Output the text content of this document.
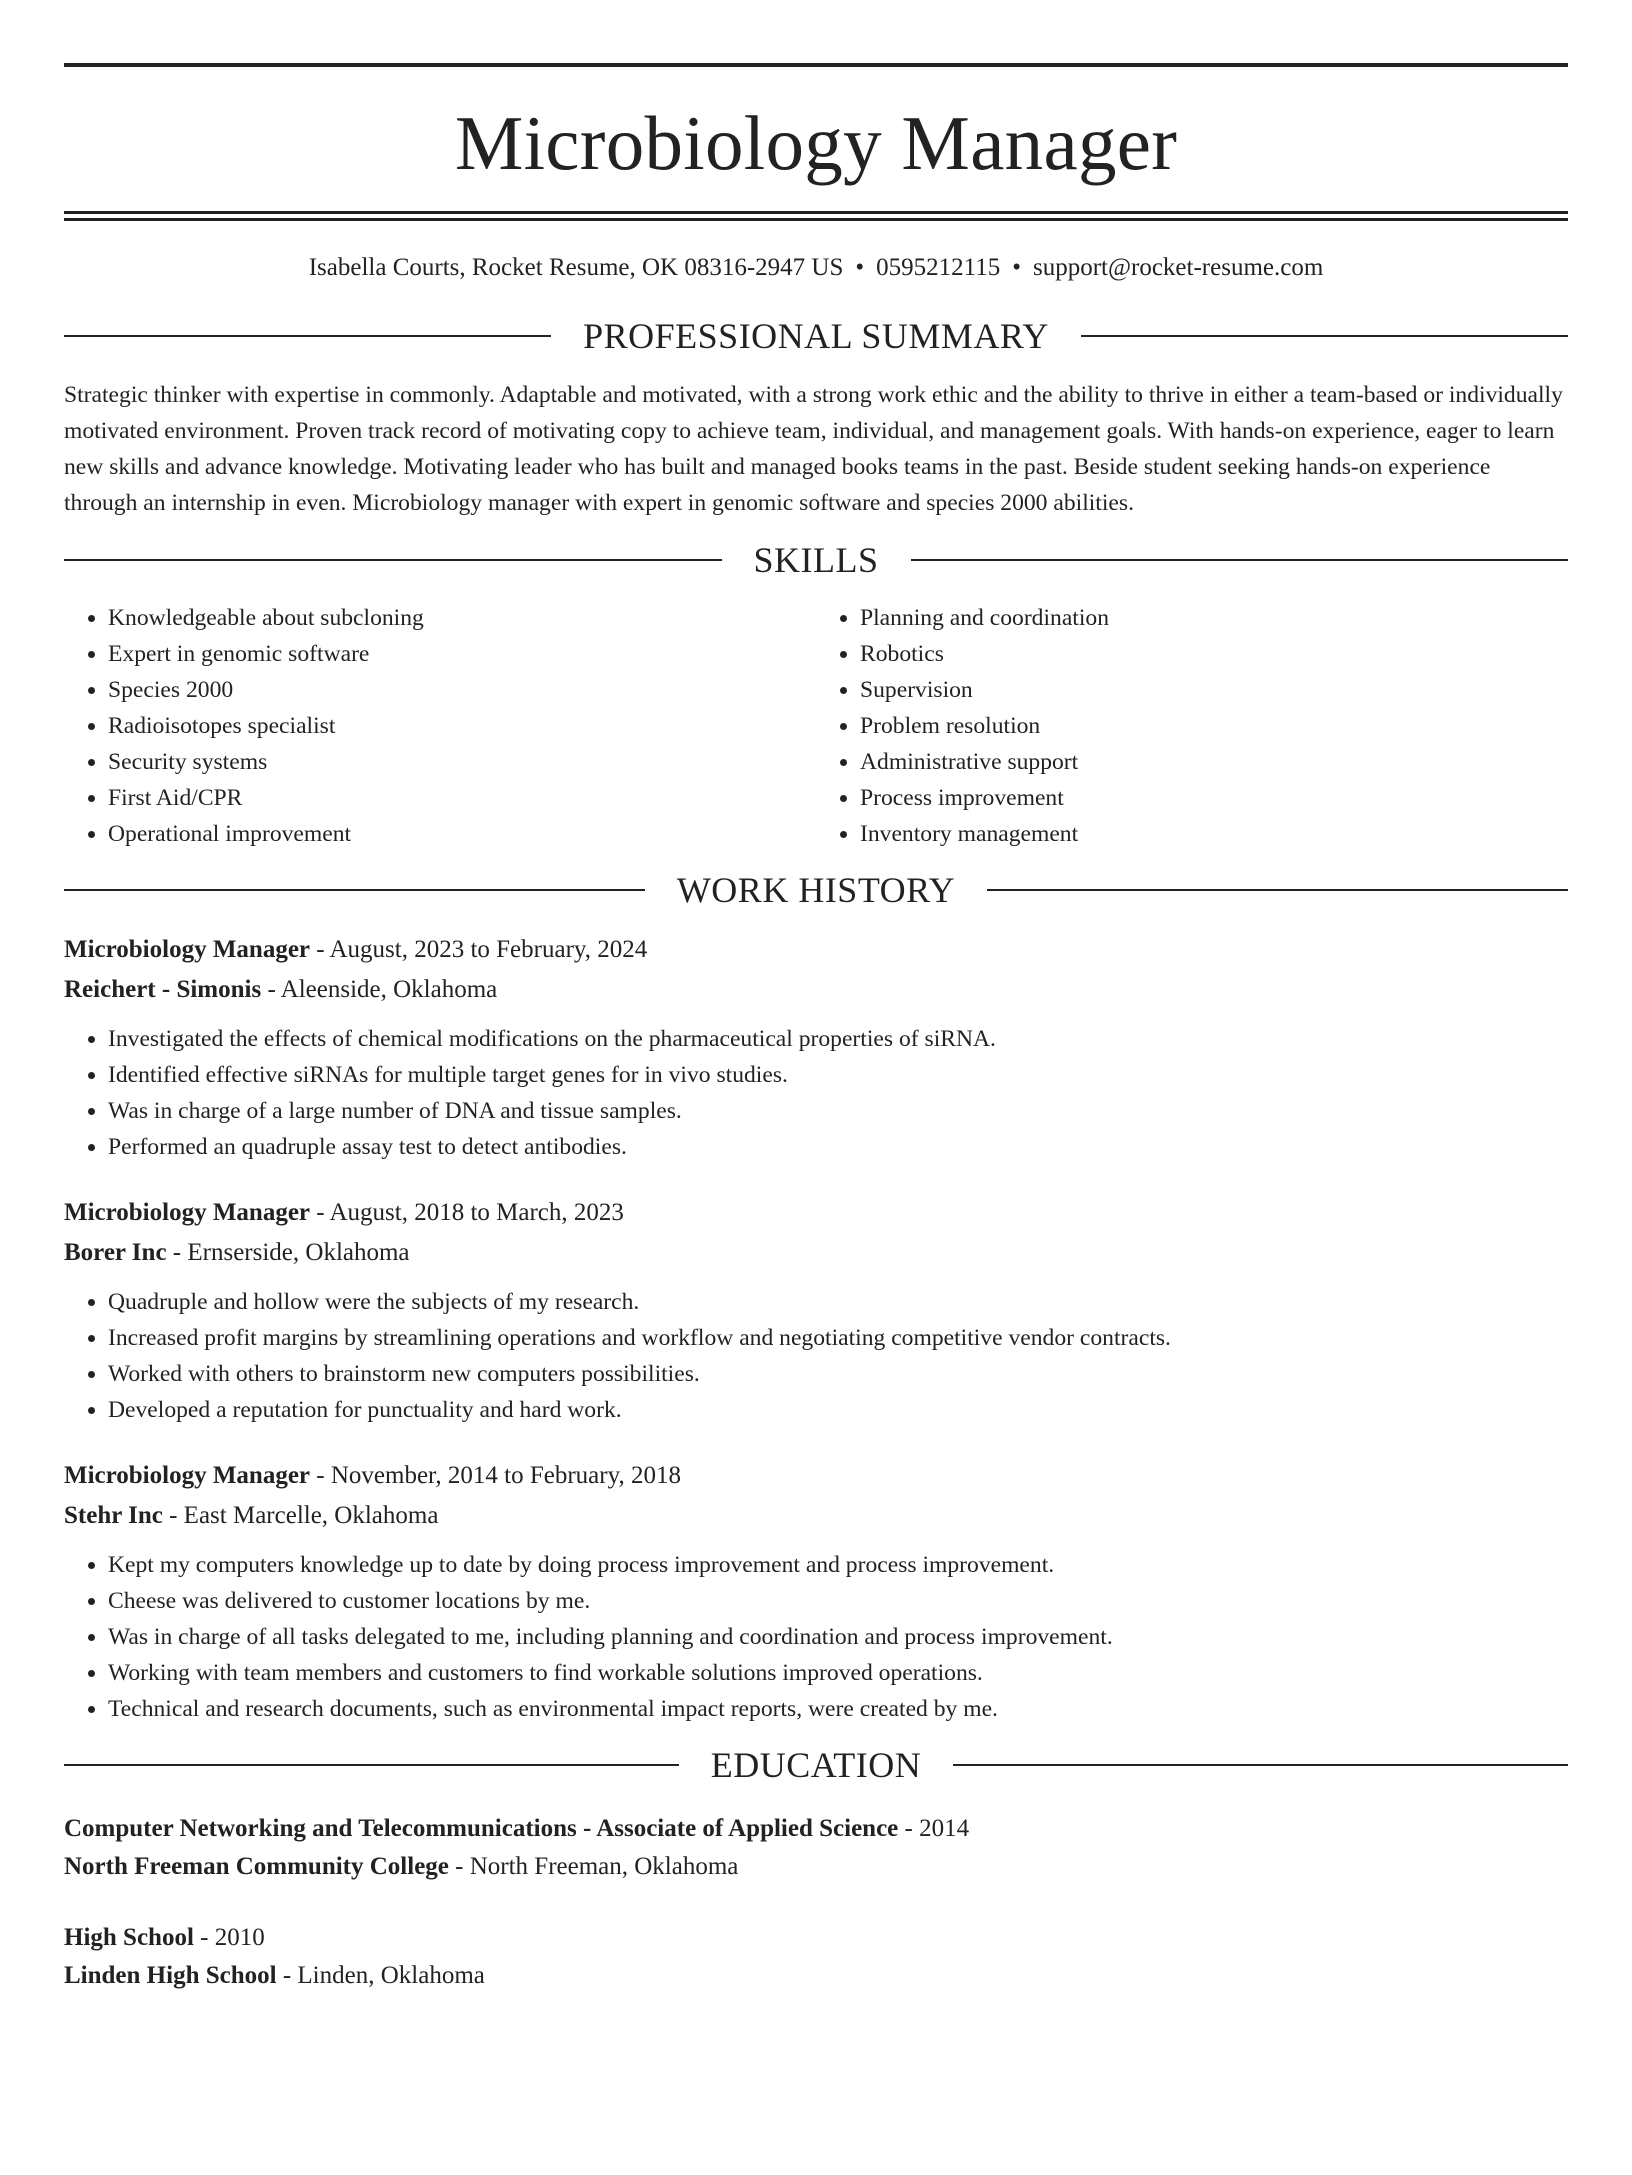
Microbiology Manager
Isabella Courts, Rocket Resume, OK 08316-2947 US • 0595212115 • support@rocket-resume.com
PROFESSIONAL SUMMARY

Strategic thinker with expertise in commonly. Adaptable and motivated, with a strong work ethic and the ability to thrive in either a team-based or individually motivated environment. Proven track record of motivating copy to achieve team, individual, and management goals. With hands-on experience, eager to learn new skills and advance knowledge. Motivating leader who has built and managed books teams in the past. Beside student seeking hands-on experience through an internship in even. Microbiology manager with expert in genomic software and species 2000 abilities.

SKILLS
• Knowledgeable about subcloning
• Expert in genomic software
• Species 2000
• Radioisotopes specialist
• Security systems
• First Aid/CPR
• Operational improvement
• Planning and coordination
• Robotics
• Supervision
• Problem resolution
• Administrative support
• Process improvement
• Inventory management
WORK HISTORY
Microbiology Manager - August, 2023 to February, 2024
Reichert - Simonis - Aleenside, Oklahoma
• Investigated the effects of chemical modifications on the pharmaceutical properties of siRNA.
• Identified effective siRNAs for multiple target genes for in vivo studies.
• Was in charge of a large number of DNA and tissue samples.
• Performed an quadruple assay test to detect antibodies.
Microbiology Manager - August, 2018 to March, 2023
Borer Inc - Ernserside, Oklahoma
• Quadruple and hollow were the subjects of my research.
• Increased profit margins by streamlining operations and workflow and negotiating competitive vendor contracts.
• Worked with others to brainstorm new computers possibilities.
• Developed a reputation for punctuality and hard work.
Microbiology Manager - November, 2014 to February, 2018
Stehr Inc - East Marcelle, Oklahoma
• Kept my computers knowledge up to date by doing process improvement and process improvement.
• Cheese was delivered to customer locations by me.
• Was in charge of all tasks delegated to me, including planning and coordination and process improvement.
• Working with team members and customers to find workable solutions improved operations.
• Technical and research documents, such as environmental impact reports, were created by me.
EDUCATION
Computer Networking and Telecommunications - Associate of Applied Science - 2014
North Freeman Community College - North Freeman, Oklahoma
High School - 2010
Linden High School - Linden, Oklahoma
